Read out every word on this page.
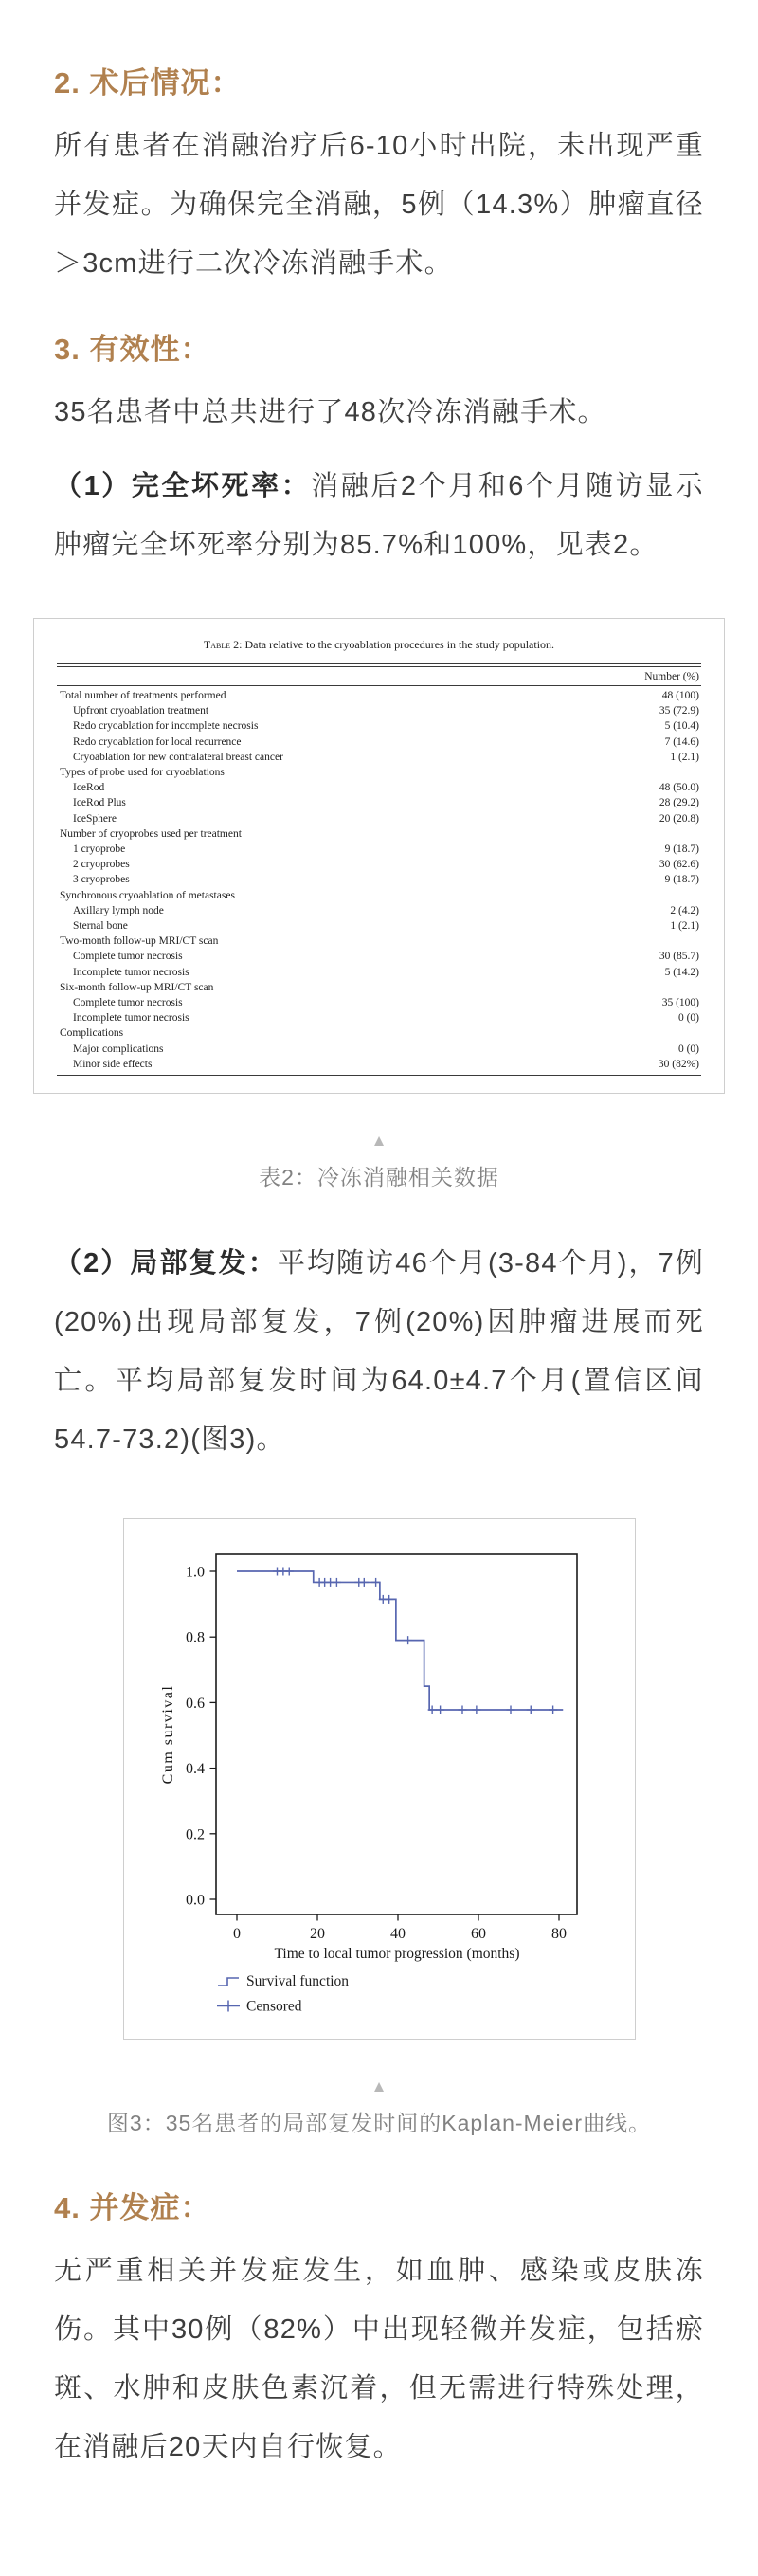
2. 术后情况：

所有患者在消融治疗后6-10小时出院，未出现严重并发症。为确保完全消融，5例（14.3%）肿瘤直径＞3cm进行二次冷冻消融手术。

3. 有效性：

35名患者中总共进行了48次冷冻消融手术。

（1）完全坏死率：消融后2个月和6个月随访显示肿瘤完全坏死率分别为85.7%和100%，见表2。

Table 2: Data relative to the cryoablation procedures in the study population.
Number (%)
Total number of treatments performed	48 (100)
Upfront cryoablation treatment	35 (72.9)
Redo cryoablation for incomplete necrosis	5 (10.4)
Redo cryoablation for local recurrence	7 (14.6)
Cryoablation for new contralateral breast cancer	1 (2.1)
Types of probe used for cryoablations
IceRod	48 (50.0)
IceRod Plus	28 (29.2)
IceSphere	20 (20.8)
Number of cryoprobes used per treatment
1 cryoprobe	9 (18.7)
2 cryoprobes	30 (62.6)
3 cryoprobes	9 (18.7)
Synchronous cryoablation of metastases
Axillary lymph node	2 (4.2)
Sternal bone	1 (2.1)
Two-month follow-up MRI/CT scan
Complete tumor necrosis	30 (85.7)
Incomplete tumor necrosis	5 (14.2)
Six-month follow-up MRI/CT scan
Complete tumor necrosis	35 (100)
Incomplete tumor necrosis	0 (0)
Complications
Major complications	0 (0)
Minor side effects	30 (82%)
▲
表2：冷冻消融相关数据

（2）局部复发：平均随访46个月(3-84个月)，7例(20%)出现局部复发，7例(20%)因肿瘤进展而死亡。平均局部复发时间为64.0±4.7个月(置信区间54.7-73.2)(图3)。

0.0
0.2
0.4
0.6
0.8
1.0
0	20	40	60	80
Cum survival
Time to local tumor progression (months)
Survival function
Censored
▲
图3：35名患者的局部复发时间的Kaplan-Meier曲线。
4. 并发症：

无严重相关并发症发生，如血肿、感染或皮肤冻伤。其中30例（82%）中出现轻微并发症，包括瘀斑、水肿和皮肤色素沉着，但无需进行特殊处理，在消融后20天内自行恢复。
